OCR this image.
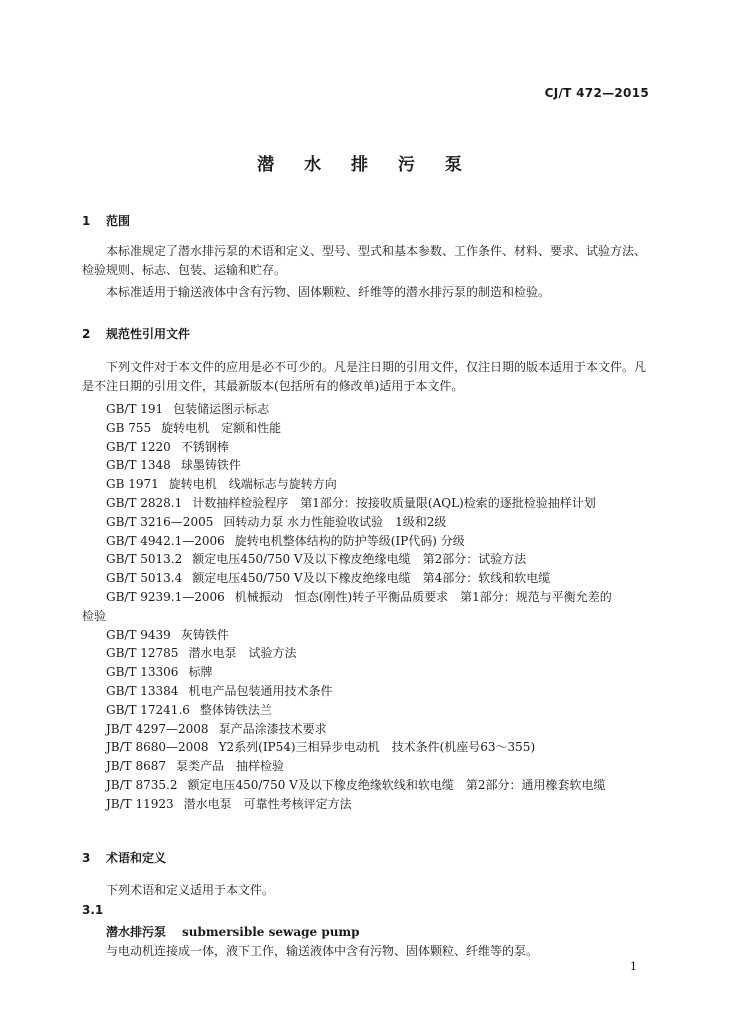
CJ/T 472—2015
潜 水 排 污 泵
1 范围
本标准规定了潜水排污泵的术语和定义、型号、型式和基本参数、工作条件、材料、要求、试验方法、检验规则、标志、包装、运输和贮存。
本标准适用于输送液体中含有污物、固体颗粒、纤维等的潜水排污泵的制造和检验。
2 规范性引用文件
下列文件对于本文件的应用是必不可少的。凡是注日期的引用文件，仅注日期的版本适用于本文件。凡是不注日期的引用文件，其最新版本(包括所有的修改单)适用于本文件。
GB/T 191 包装储运图示标志
GB 755 旋转电机　定额和性能
GB/T 1220 不锈钢棒
GB/T 1348 球墨铸铁件
GB 1971 旋转电机　线端标志与旋转方向
GB/T 2828.1 计数抽样检验程序　第1部分：按接收质量限(AQL)检索的逐批检验抽样计划
GB/T 3216—2005 回转动力泵 水力性能验收试验　1级和2级
GB/T 4942.1—2006 旋转电机整体结构的防护等级(IP代码) 分级
GB/T 5013.2 额定电压450/750 V及以下橡皮绝缘电缆　第2部分：试验方法
GB/T 5013.4 额定电压450/750 V及以下橡皮绝缘电缆　第4部分：软线和软电缆
GB/T 9239.1—2006 机械振动　恒态(刚性)转子平衡品质要求　第1部分：规范与平衡允差的
检验
GB/T 9439 灰铸铁件
GB/T 12785 潜水电泵　试验方法
GB/T 13306 标牌
GB/T 13384 机电产品包装通用技术条件
GB/T 17241.6 整体铸铁法兰
JB/T 4297—2008 泵产品涂漆技术要求
JB/T 8680—2008 Y2系列(IP54)三相异步电动机　技术条件(机座号63～355)
JB/T 8687 泵类产品　抽样检验
JB/T 8735.2 额定电压450/750 V及以下橡皮绝缘软线和软电缆　第2部分：通用橡套软电缆
JB/T 11923 潜水电泵　可靠性考核评定方法
3 术语和定义
下列术语和定义适用于本文件。
3.1
潜水排污泵 submersible sewage pump
与电动机连接成一体，液下工作，输送液体中含有污物、固体颗粒、纤维等的泵。
1
